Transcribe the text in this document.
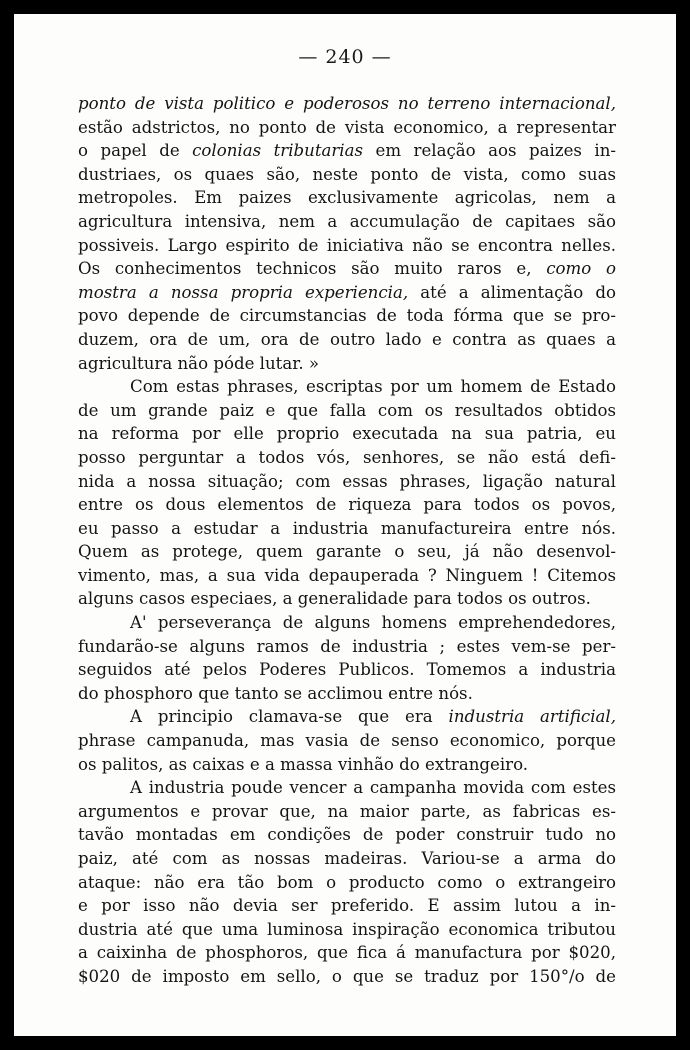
— 240 —
ponto de vista politico e poderosos no terreno internacional,
estão adstrictos, no ponto de vista economico, a representar
o papel de colonias tributarias em relação aos paizes in-
dustriaes, os quaes são, neste ponto de vista, como suas
metropoles. Em paizes exclusivamente agricolas, nem a
agricultura intensiva, nem a accumulação de capitaes são
possiveis. Largo espirito de iniciativa não se encontra nelles.
Os conhecimentos technicos são muito raros e, como o
mostra a nossa propria experiencia, até a alimentação do
povo depende de circumstancias de toda fórma que se pro-
duzem, ora de um, ora de outro lado e contra as quaes a
agricultura não póde lutar. »
Com estas phrases, escriptas por um homem de Estado
de um grande paiz e que falla com os resultados obtidos
na reforma por elle proprio executada na sua patria, eu
posso perguntar a todos vós, senhores, se não está defi-
nida a nossa situação; com essas phrases, ligação natural
entre os dous elementos de riqueza para todos os povos,
eu passo a estudar a industria manufactureira entre nós.
Quem as protege, quem garante o seu, já não desenvol-
vimento, mas, a sua vida depauperada ? Ninguem ! Citemos
alguns casos especiaes, a generalidade para todos os outros.
A' perseverança de alguns homens emprehendedores,
fundarão-se alguns ramos de industria ; estes vem-se per-
seguidos até pelos Poderes Publicos. Tomemos a industria
do phosphoro que tanto se acclimou entre nós.
A principio clamava-se que era industria artificial,
phrase campanuda, mas vasia de senso economico, porque
os palitos, as caixas e a massa vinhão do extrangeiro.
A industria poude vencer a campanha movida com estes
argumentos e provar que, na maior parte, as fabricas es-
tavão montadas em condições de poder construir tudo no
paiz, até com as nossas madeiras. Variou-se a arma do
ataque: não era tão bom o producto como o extrangeiro
e por isso não devia ser preferido. E assim lutou a in-
dustria até que uma luminosa inspiração economica tributou
a caixinha de phosphoros, que fica á manufactura por $020,
$020 de imposto em sello, o que se traduz por 150°/o de
